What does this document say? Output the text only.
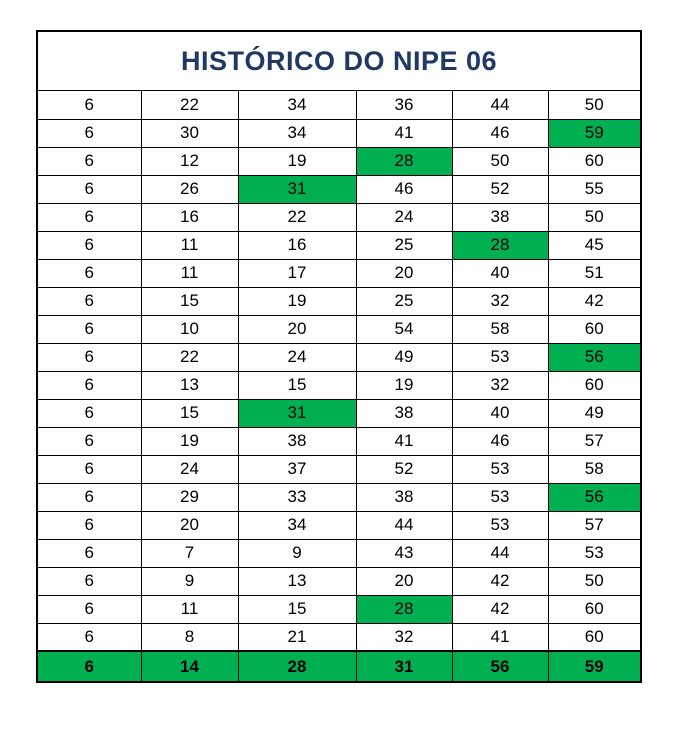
HISTÓRICO DO NIPE 06
6	22	34	36	44	50
6	30	34	41	46	59
6	12	19	28	50	60
6	26	31	46	52	55
6	16	22	24	38	50
6	11	16	25	28	45
6	11	17	20	40	51
6	15	19	25	32	42
6	10	20	54	58	60
6	22	24	49	53	56
6	13	15	19	32	60
6	15	31	38	40	49
6	19	38	41	46	57
6	24	37	52	53	58
6	29	33	38	53	56
6	20	34	44	53	57
6	7	9	43	44	53
6	9	13	20	42	50
6	11	15	28	42	60
6	8	21	32	41	60
6	14	28	31	56	59
